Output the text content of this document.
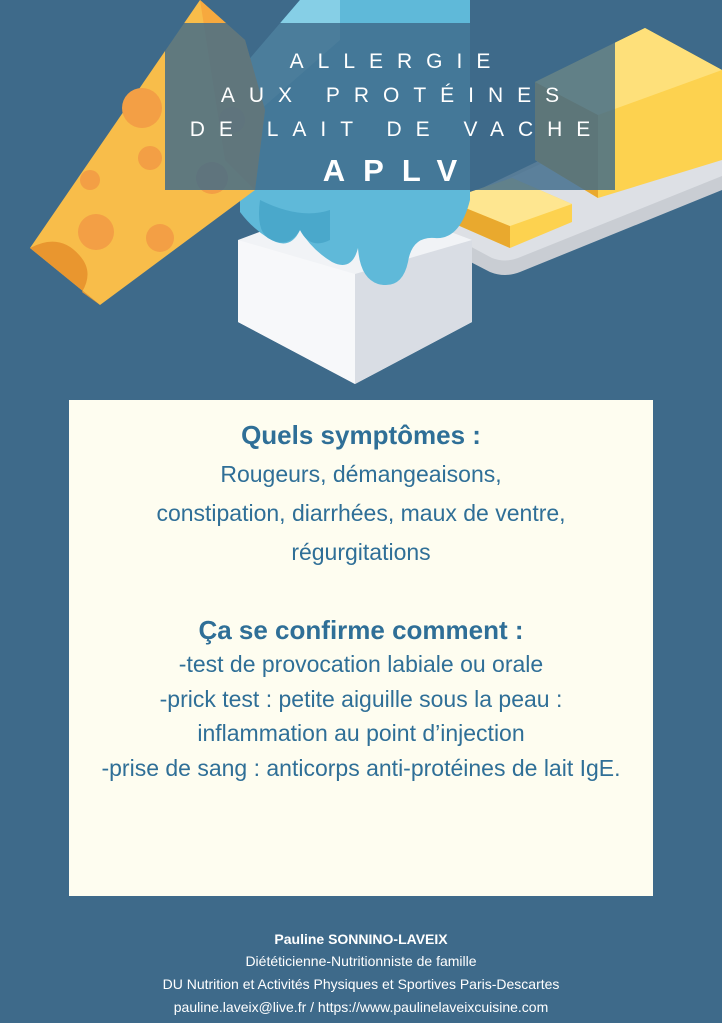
ALLERGIE
AUX PROTÉINES
DE LAIT DE VACHE
APLV

Quels symptômes :

Rougeurs, démangeaisons,

constipation, diarrhées, maux de ventre,

régurgitations

Ça se confirme comment :

-test de provocation labiale ou orale

-prick test : petite aiguille sous la peau :

inflammation au point d’injection

-prise de sang : anticorps anti-protéines de lait IgE.

Pauline SONNINO-LAVEIX
Diététicienne-Nutritionniste de famille
DU Nutrition et Activités Physiques et Sportives Paris-Descartes
pauline.laveix@live.fr / https://www.paulinelaveixcuisine.com
